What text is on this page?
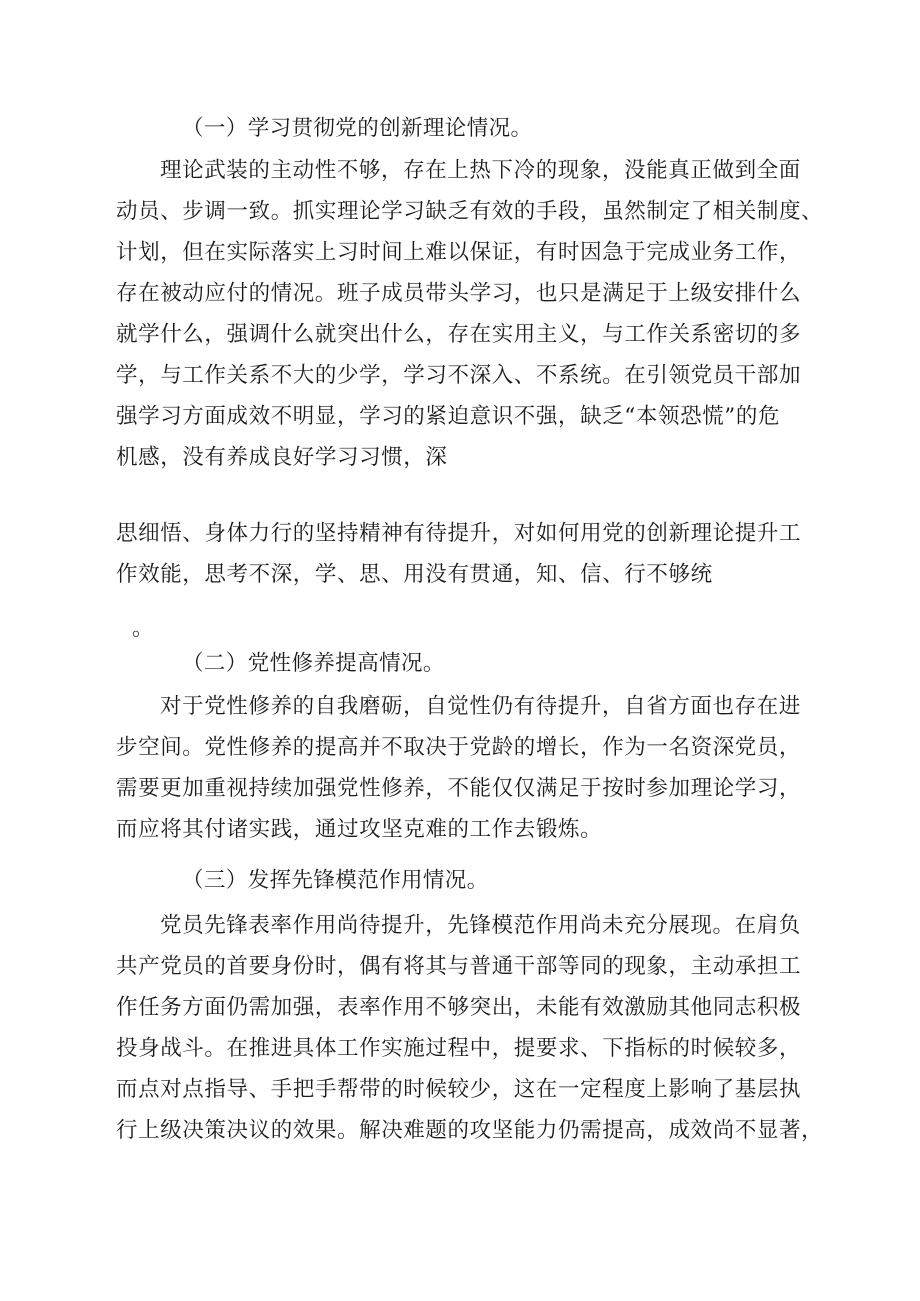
（一）学习贯彻党的创新理论情况。
理论武装的主动性不够，存在上热下冷的现象，没能真正做到全面
动员、步调一致。抓实理论学习缺乏有效的手段，虽然制定了相关制度、
计划，但在实际落实上习时间上难以保证，有时因急于完成业务工作，
存在被动应付的情况。班子成员带头学习，也只是满足于上级安排什么
就学什么，强调什么就突出什么，存在实用主义，与工作关系密切的多
学，与工作关系不大的少学，学习不深入、不系统。在引领党员干部加
强学习方面成效不明显，学习的紧迫意识不强，缺乏“本领恐慌”的危
机感，没有养成良好学习习惯，深
思细悟、身体力行的坚持精神有待提升，对如何用党的创新理论提升工
作效能，思考不深，学、思、用没有贯通，知、信、行不够统
。
（二）党性修养提高情况。
对于党性修养的自我磨砺，自觉性仍有待提升，自省方面也存在进
步空间。党性修养的提高并不取决于党龄的增长，作为一名资深党员，
需要更加重视持续加强党性修养，不能仅仅满足于按时参加理论学习，
而应将其付诸实践，通过攻坚克难的工作去锻炼。
（三）发挥先锋模范作用情况。
党员先锋表率作用尚待提升，先锋模范作用尚未充分展现。在肩负
共产党员的首要身份时，偶有将其与普通干部等同的现象，主动承担工
作任务方面仍需加强，表率作用不够突出，未能有效激励其他同志积极
投身战斗。在推进具体工作实施过程中，提要求、下指标的时候较多，
而点对点指导、手把手帮带的时候较少，这在一定程度上影响了基层执
行上级决策决议的效果。解决难题的攻坚能力仍需提高，成效尚不显著，
